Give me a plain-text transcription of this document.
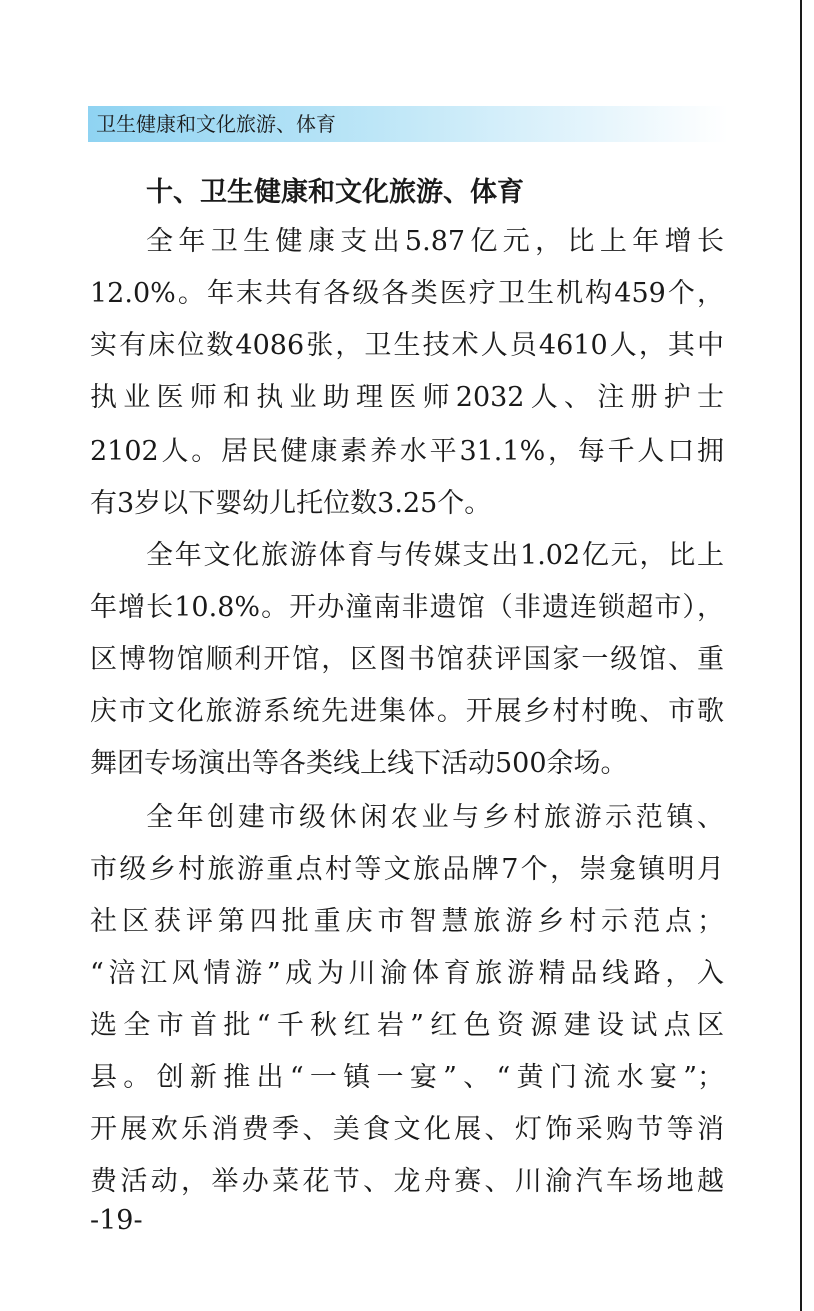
卫生健康和文化旅游、体育
十、卫生健康和文化旅游、体育
全年卫生健康支出5.87亿元，比上年增长
12.0%。年末共有各级各类医疗卫生机构459个，
实有床位数4086张，卫生技术人员4610人，其中
执业医师和执业助理医师2032人、注册护士
2102人。居民健康素养水平31.1%，每千人口拥
有3岁以下婴幼儿托位数3.25个。
全年文化旅游体育与传媒支出1.02亿元，比上
年增长10.8%。开办潼南非遗馆（非遗连锁超市），
区博物馆顺利开馆，区图书馆获评国家一级馆、重
庆市文化旅游系统先进集体。开展乡村村晚、市歌
舞团专场演出等各类线上线下活动500余场。
全年创建市级休闲农业与乡村旅游示范镇、
市级乡村旅游重点村等文旅品牌7个，崇龛镇明月
社区获评第四批重庆市智慧旅游乡村示范点；
“涪江风情游”成为川渝体育旅游精品线路，入
选全市首批“千秋红岩”红色资源建设试点区
县。创新推出“一镇一宴”、“黄门流水宴”；
开展欢乐消费季、美食文化展、灯饰采购节等消
费活动，举办菜花节、龙舟赛、川渝汽车场地越
-19-
